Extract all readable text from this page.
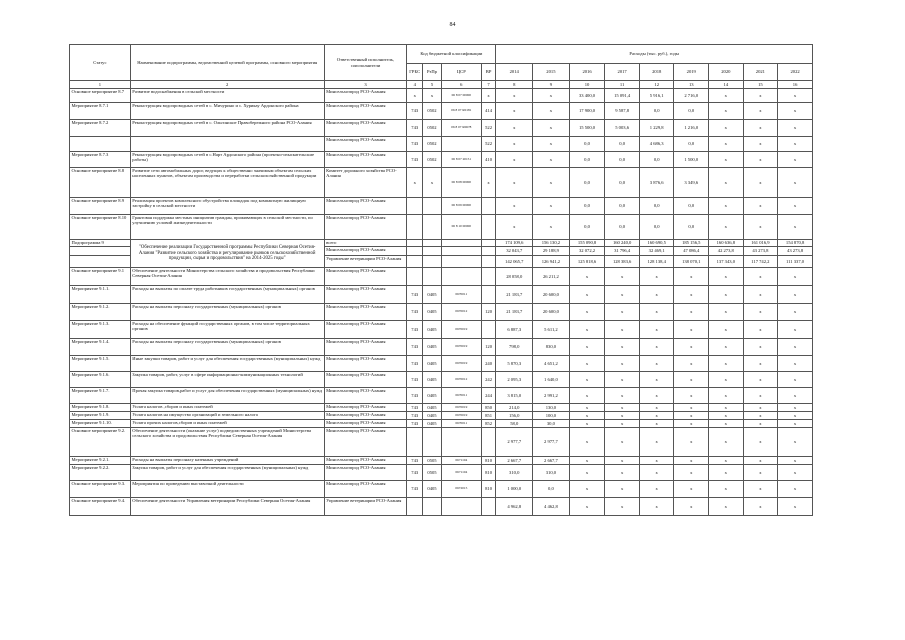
84
Статус	Наименование подпрограммы, ведомственной целевой программы, основного мероприятия	Ответственный исполнитель, соисполнители	Код бюджетной классификации				Расходы (тыс. руб.), годы								
			ГРБС	РзПр	ЦСР	ВР	2014	2015	2016	2017	2018	2019	2020	2021	2022
1	2	3	4	5	6	7	8	9	10	11	12	13	14	15	16
Основное мероприятие 8.7	Развитие водоснабжения в сельской местности	Минсельхозпрод РСО-Алания	x	x	06 8 07 00000	x	x	x	33 400,0	15 091,4	5 916,1	2 716,0	x	x	x
Мероприятие 8.7.1	Реконструкция водопроводных сетей в с. Мичурино и с. Хурикау Ардонского района	Минсельхозпрод РСО-Алания	743	0502	06 8 07 R0181	414	x	x	17 900,0	9 587,8	0,0	0,0	x	x	x
Мероприятие 8.7.2	Реконструкция водопроводных сетей в с. Ольгинское Правобережного района РСО-Алания	Минсельхозпрод РСО-Алания	743	0502	06 8 07 R0678	522	x	x	15 500,0	5 003,6	1 229,8	1 216,0	x	x	x
		Минсельхозпрод РСО-Алания	743	0502		522	x	x	0,0	0,0	4 686,3	0,0	x	x	x
Мероприятие 8.7.3	Реконструкция водопроводных сетей в с.Нарт Ардонского района (проектно-изыскательские работы)	Минсельхозпрод РСО-Алания	743	0502	06 8 07 20151	410	x	x	0,0	0,0	0,0	1 500,0	x	x	x
Основное мероприятие 8.8	Развитие сети автомобильных дорог, ведущих к общественно значимым объектам сельских населенных пунктов, объектам производства и переработки сельскохозяйственной продукции	Комитет дорожного хозяйства РСО-Алания	x	x	06 8 08 00000	x	x	x	0,0	0,0	3 876,6	3 349,6	x	x	x
Основное мероприятие 8.9	Реализация проектов комплексного обустройства площадок под компактную жилищную застройку в сельской местности	Минсельхозпрод РСО-Алания			06 8 09 00000		x	x	0,0	0,0	0,0	0,0	x	x	x
Основное мероприятие 8.10	Грантовая поддержка местных инициатив граждан, проживающих в сельской местности, по улучшению условий жизнедеятельности	Минсельхозпрод РСО-Алания			06 8 10 00000		x	x	0,0	0,0	0,0	0,0	x	x	x
Подпрограмма 9	"Обеспечение реализации Государственной программы Республики Северная Осетия-Алания "Развитие сельского хозяйства и регулирование рынков сельскохозяйственной продукции, сырья и продовольствия" на 2014-2025 годы"	всего					174 109,6	156 130,2	155 090,8	160 240,0	160 690,5	185 156,5	160 636,8	161 016,9	154 870,8
		Минсельхозпрод РСО-Алания					32 043,7	29 188,9	32 072,2	31 796,4	32 469,1	47 086,4	42 273,8	43 273,8	43 273,8
		Управление ветеринарии РСО-Алания					142 065,7	126 941,2	125 818,6	128 383,6	128 138,4	138 070,1	137 343,0	117 742,2	111 337,0
Основное мероприятие 9.1	Обеспечение деятельности Министерства сельского хозяйства и продовольствия Республики Северная Осетия-Алания	Минсельхозпрод РСО-Алания					28 058,0	26 211,2	x	x	x	x	x	x	x
Мероприятие 9.1.1.	Расходы на выплаты по оплате труда работников государственных (муниципальных) органов	Минсельхозпрод РСО-Алания	743	0405	0670011		21 183,7	20 600,0	x	x	x	x	x	x	x
Мероприятие 9.1.2.	Расходы на выплаты персоналу государственных (муниципальных) органов	Минсельхозпрод РСО-Алания	743	0405	0670012	120	21 183,7	20 600,0	x	x	x	x	x	x	x
Мероприятие 9.1.3.	Расходы на обеспечение функций государственных органов, в том числе территориальных органов	Минсельхозпрод РСО-Алания	743	0405	0670019		6 887,3	5 611,2	x	x	x	x	x	x	x
Мероприятие 9.1.4.	Расходы на выплаты персоналу государственных (муниципальных) органов	Минсельхозпрод РСО-Алания	743	0405	0670019	120	798,0	830,0	x	x	x	x	x	x	x
Мероприятие 9.1.5.	Иные закупки товаров, работ и услуг для обеспечения государственных (муниципальных) нужд	Минсельхозпрод РСО-Алания	743	0405	0670019	240	5 870,3	4 651,2	x	x	x	x	x	x	x
Мероприятие 9.1.6.	Закупка товаров, работ, услуг в сфере информационно-коммуникационных технологий	Минсельхозпрод РСО-Алания	743	0405	0670012	242	2 095,3	1 640,0	x	x	x	x	x	x	x
Мероприятие 9.1.7.	Прочая закупка товаров,работ и услуг для обеспечения государственных (муниципальных) нужд	Минсельхозпрод РСО-Алания	743	0405	0670011	244	3 815,0	2 991,2	x	x	x	x	x	x	x
Мероприятие 9.1.8.	Уплата налогов ,сборов и иных платежей	Минсельхозпрод РСО-Алания	743	0405	0670019	850	214,0	130,0	x	x	x	x	x	x	x
Мероприятие 9.1.9.	Уплата налогов на имущество организаций и земельного налога	Минсельхозпрод РСО-Алания	743	0405	0670019	851	156,0	100,0	x	x	x	x	x	x	x
Мероприятие 9.1.10.	Уплата прочих налогов,сборов и иных платежей	Минсельхозпрод РСО-Алания	743	0405	0670011	852	58,0	30,0	x	x	x	x	x	x	x
Основное мероприятие 9.2.	Обеспечение деятельности (оказание услуг) подведомственных учреждений Министерства сельского хозяйства и продовольствия Республики Северная Осетия-Алания	Минсельхозпрод РСО-Алания					2 977,7	2 977,7	x	x	x	x	x	x	x
Мероприятие 9.2.1.	Расходы на выплаты персоналу казенных учреждений	Минсельхозпрод РСО-Алания	743	0505	0671104	810	2 667,7	2 667,7	x	x	x	x	x	x	x
Мероприятие 9.2.2.	Закупка товаров, работ и услуг для обеспечения государственных (муниципальных) нужд	Минсельхозпрод РСО-Алания	743	0505	0671104	810	310,0	310,0	x	x	x	x	x	x	x
Основное мероприятие 9.3.	Мероприятия по проведению выставочной деятельности	Минсельхозпрод РСО-Алания	743	0405	0672015	810	1 000,0	0,0	x	x	x	x	x	x	x
Основное мероприятие 9.4.	Обеспечение деятельности Управления ветеринарии Республики Северная Осетия-Алания	Управление ветеринарии РСО-Алания					4 962,8	4 462,8	x	x	x	x	x	x	x
